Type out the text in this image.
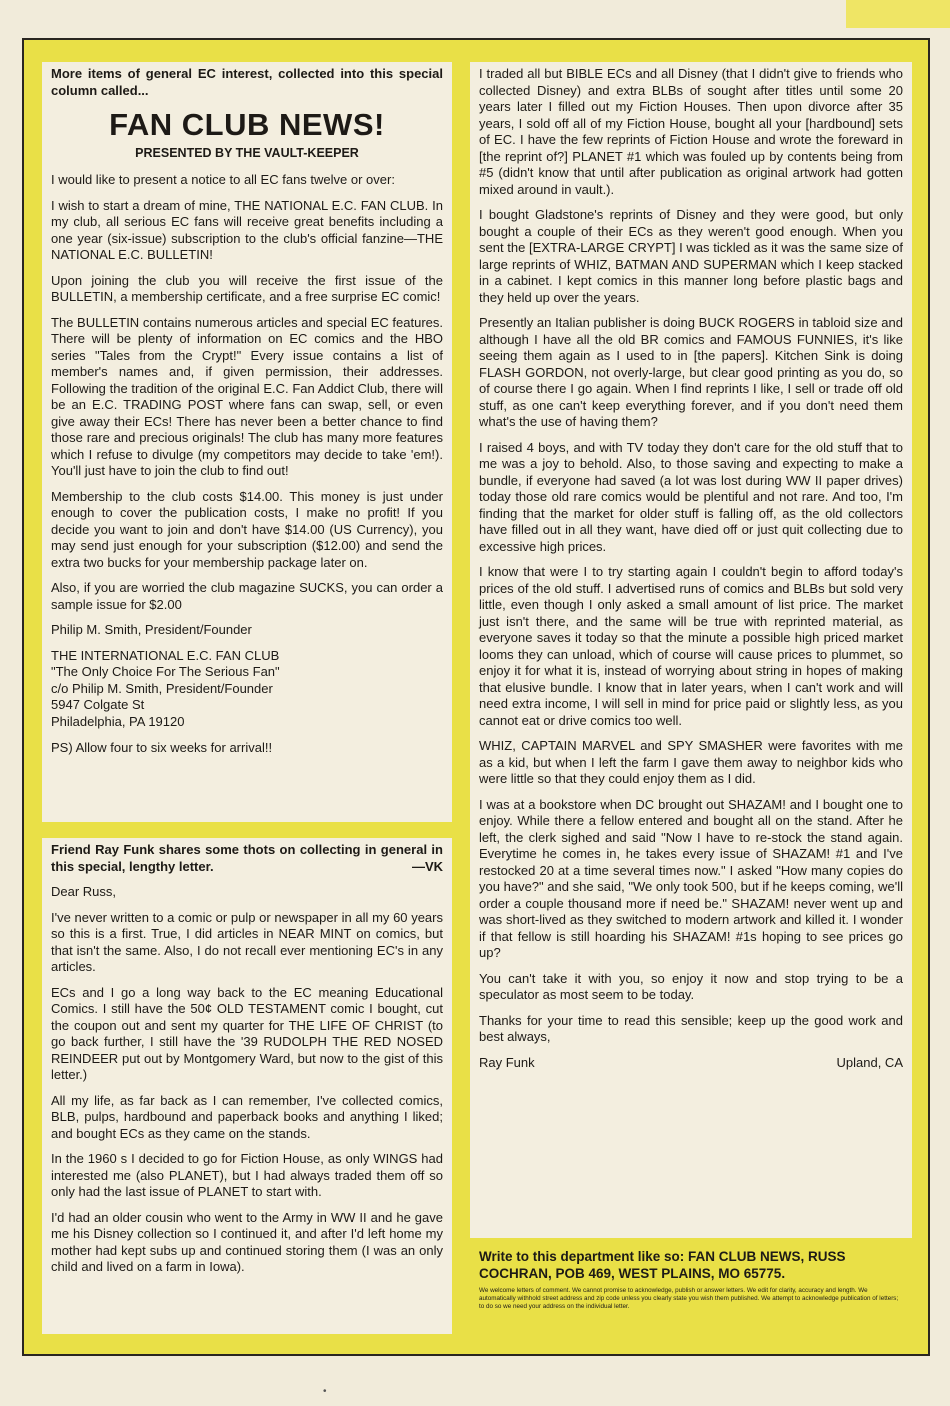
More items of general EC interest, collected into this special column called...

FAN CLUB NEWS!
PRESENTED BY THE VAULT-KEEPER

I would like to present a notice to all EC fans twelve or over:

I wish to start a dream of mine, THE NATIONAL E.C. FAN CLUB. In my club, all serious EC fans will receive great benefits including a one year (six-issue) subscription to the club's official fanzine—THE NATIONAL E.C. BULLETIN!

Upon joining the club you will receive the first issue of the BULLETIN, a membership certificate, and a free surprise EC comic!

The BULLETIN contains numerous articles and special EC features. There will be plenty of information on EC comics and the HBO series "Tales from the Crypt!" Every issue contains a list of member's names and, if given permission, their addresses. Following the tradition of the original E.C. Fan Addict Club, there will be an E.C. TRADING POST where fans can swap, sell, or even give away their ECs! There has never been a better chance to find those rare and precious originals! The club has many more features which I refuse to divulge (my competitors may decide to take 'em!). You'll just have to join the club to find out!

Membership to the club costs $14.00. This money is just under enough to cover the publication costs, I make no profit! If you decide you want to join and don't have $14.00 (US Currency), you may send just enough for your subscription ($12.00) and send the extra two bucks for your membership package later on.

Also, if you are worried the club magazine SUCKS, you can order a sample issue for $2.00

Philip M. Smith, President/Founder

THE INTERNATIONAL E.C. FAN CLUB

"The Only Choice For The Serious Fan"

c/o Philip M. Smith, President/Founder

5947 Colgate St

Philadelphia, PA 19120

PS) Allow four to six weeks for arrival!!

Friend Ray Funk shares some thots on collecting in general in this special, lengthy letter.	—VK

Dear Russ,

I've never written to a comic or pulp or newspaper in all my 60 years so this is a first. True, I did articles in NEAR MINT on comics, but that isn't the same. Also, I do not recall ever mentioning EC's in any articles.

ECs and I go a long way back to the EC meaning Educational Comics. I still have the 50¢ OLD TESTAMENT comic I bought, cut the coupon out and sent my quarter for THE LIFE OF CHRIST (to go back further, I still have the '39 RUDOLPH THE RED NOSED REINDEER put out by Montgomery Ward, but now to the gist of this letter.)

All my life, as far back as I can remember, I've collected comics, BLB, pulps, hardbound and paperback books and anything I liked; and bought ECs as they came on the stands.

In the 1960 s I decided to go for Fiction House, as only WINGS had interested me (also PLANET), but I had always traded them off so only had the last issue of PLANET to start with.

I'd had an older cousin who went to the Army in WW II and he gave me his Disney collection so I continued it, and after I'd left home my mother had kept subs up and continued storing them (I was an only child and lived on a farm in Iowa).

I traded all but BIBLE ECs and all Disney (that I didn't give to friends who collected Disney) and extra BLBs of sought after titles until some 20 years later I filled out my Fiction Houses. Then upon divorce after 35 years, I sold off all of my Fiction House, bought all your [hardbound] sets of EC. I have the few reprints of Fiction House and wrote the foreward in [the reprint of?] PLANET #1 which was fouled up by contents being from #5 (didn't know that until after publication as original artwork had gotten mixed around in vault.).

I bought Gladstone's reprints of Disney and they were good, but only bought a couple of their ECs as they weren't good enough. When you sent the [EXTRA-LARGE CRYPT] I was tickled as it was the same size of large reprints of WHIZ, BATMAN AND SUPERMAN which I keep stacked in a cabinet. I kept comics in this manner long before plastic bags and they held up over the years.

Presently an Italian publisher is doing BUCK ROGERS in tabloid size and although I have all the old BR comics and FAMOUS FUNNIES, it's like seeing them again as I used to in [the papers]. Kitchen Sink is doing FLASH GORDON, not overly-large, but clear good printing as you do, so of course there I go again. When I find reprints I like, I sell or trade off old stuff, as one can't keep everything forever, and if you don't need them what's the use of having them?

I raised 4 boys, and with TV today they don't care for the old stuff that to me was a joy to behold. Also, to those saving and expecting to make a bundle, if everyone had saved (a lot was lost during WW II paper drives) today those old rare comics would be plentiful and not rare. And too, I'm finding that the market for older stuff is falling off, as the old collectors have filled out in all they want, have died off or just quit collecting due to excessive high prices.

I know that were I to try starting again I couldn't begin to afford today's prices of the old stuff. I advertised runs of comics and BLBs but sold very little, even though I only asked a small amount of list price. The market just isn't there, and the same will be true with reprinted material, as everyone saves it today so that the minute a possible high priced market looms they can unload, which of course will cause prices to plummet, so enjoy it for what it is, instead of worrying about string in hopes of making that elusive bundle. I know that in later years, when I can't work and will need extra income, I will sell in mind for price paid or slightly less, as you cannot eat or drive comics too well.

WHIZ, CAPTAIN MARVEL and SPY SMASHER were favorites with me as a kid, but when I left the farm I gave them away to neighbor kids who were little so that they could enjoy them as I did.

I was at a bookstore when DC brought out SHAZAM! and I bought one to enjoy. While there a fellow entered and bought all on the stand. After he left, the clerk sighed and said "Now I have to re-stock the stand again. Everytime he comes in, he takes every issue of SHAZAM! #1 and I've restocked 20 at a time several times now." I asked "How many copies do you have?" and she said, "We only took 500, but if he keeps coming, we'll order a couple thousand more if need be." SHAZAM! never went up and was short-lived as they switched to modern artwork and killed it. I wonder if that fellow is still hoarding his SHAZAM! #1s hoping to see prices go up?

You can't take it with you, so enjoy it now and stop trying to be a speculator as most seem to be today.

Thanks for your time to read this sensible; keep up the good work and best always,

Ray Funk	Upland, CA

Write to this department like so: FAN CLUB NEWS, RUSS COCHRAN, POB 469, WEST PLAINS, MO 65775.

We welcome letters of comment. We cannot promise to acknowledge, publish or answer letters. We edit for clarity, accuracy and length. We automatically withhold street address and zip code unless you clearly state you wish them published. We attempt to acknowledge publication of letters; to do so we need your address on the individual letter.

•
